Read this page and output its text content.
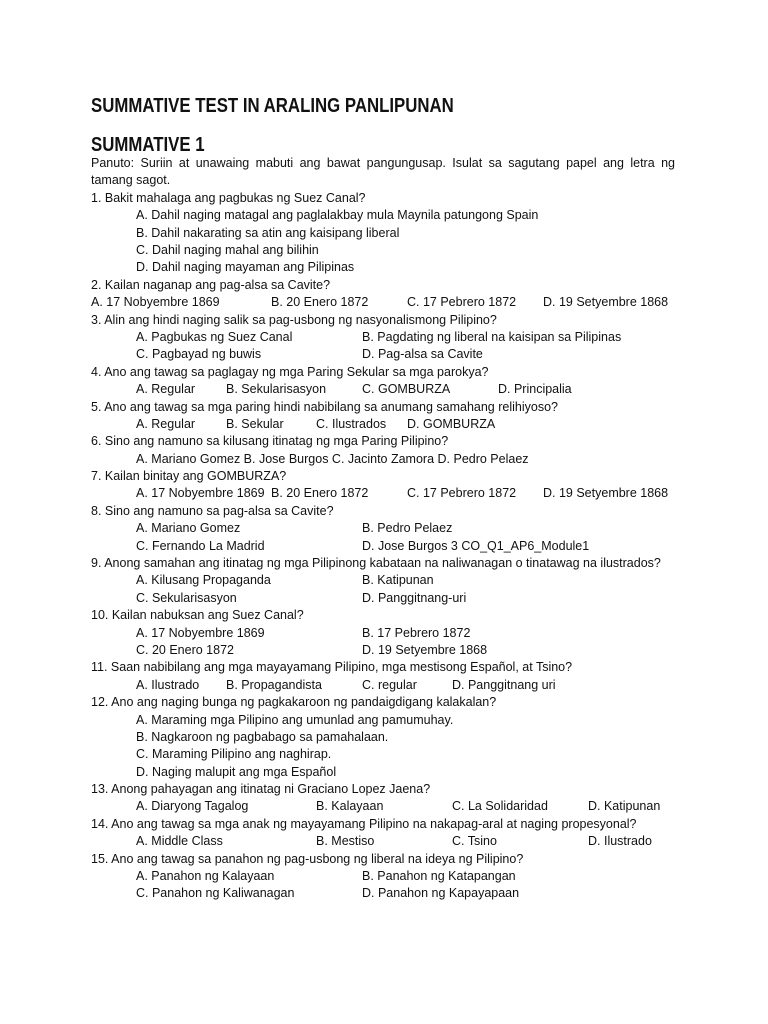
SUMMATIVE TEST IN ARALING PANLIPUNAN
SUMMATIVE 1
Panuto: Suriin at unawaing mabuti ang bawat pangungusap. Isulat sa sagutang papel ang letra ng tamang sagot.
1. Bakit mahalaga ang pagbukas ng Suez Canal?
A. Dahil naging matagal ang paglalakbay mula Maynila patungong Spain
B. Dahil nakarating sa atin ang kaisipang liberal
C. Dahil naging mahal ang bilihin
D. Dahil naging mayaman ang Pilipinas
2. Kailan naganap ang pag-alsa sa Cavite?
A. 17 Nobyembre 1869	B. 20 Enero 1872	C. 17 Pebrero 1872 D. 19 Setyembre 1868
3. Alin ang hindi naging salik sa pag-usbong ng nasyonalismong Pilipino?
A. Pagbukas ng Suez Canal	B. Pagdating ng liberal na kaisipan sa Pilipinas
C. Pagbayad ng buwis	D. Pag-alsa sa Cavite
4. Ano ang tawag sa paglagay ng mga Paring Sekular sa mga parokya?
A. Regular B. Sekularisasyon	C. GOMBURZA	D. Principalia
5. Ano ang tawag sa mga paring hindi nabibilang sa anumang samahang relihiyoso?
A. Regular B. Sekular	C. Ilustrados D. GOMBURZA
6. Sino ang namuno sa kilusang itinatag ng mga Paring Pilipino?
A. Mariano Gomez B. Jose Burgos C. Jacinto Zamora D. Pedro Pelaez
7. Kailan binitay ang GOMBURZA?
A. 17 Nobyembre 1869 B. 20 Enero 1872	C. 17 Pebrero 1872 D. 19 Setyembre 1868
8. Sino ang namuno sa pag-alsa sa Cavite?
A. Mariano Gomez	B. Pedro Pelaez
C. Fernando La Madrid	D. Jose Burgos 3 CO_Q1_AP6_Module1
9. Anong samahan ang itinatag ng mga Pilipinong kabataan na naliwanagan o tinatawag na ilustrados?
A. Kilusang Propaganda	B. Katipunan
C. Sekularisasyon	D. Panggitnang-uri
10. Kailan nabuksan ang Suez Canal?
A. 17 Nobyembre 1869	B. 17 Pebrero 1872
C. 20 Enero 1872	D. 19 Setyembre 1868
11. Saan nabibilang ang mga mayayamang Pilipino, mga mestisong Español, at Tsino?
A. Ilustrado B. Propagandista	C. regular	D. Panggitnang uri
12. Ano ang naging bunga ng pagkakaroon ng pandaigdigang kalakalan?
A. Maraming mga Pilipino ang umunlad ang pamumuhay.
B. Nagkaroon ng pagbabago sa pamahalaan.
C. Maraming Pilipino ang naghirap.
D. Naging malupit ang mga Español
13. Anong pahayagan ang itinatag ni Graciano Lopez Jaena?
A. Diaryong Tagalog	B. Kalayaan	C. La Solidaridad	D. Katipunan
14. Ano ang tawag sa mga anak ng mayayamang Pilipino na nakapag-aral at naging propesyonal?
A. Middle Class	B. Mestiso	C. Tsino	D. Ilustrado
15. Ano ang tawag sa panahon ng pag-usbong ng liberal na ideya ng Pilipino?
A. Panahon ng Kalayaan	B. Panahon ng Katapangan
C. Panahon ng Kaliwanagan	D. Panahon ng Kapayapaan
